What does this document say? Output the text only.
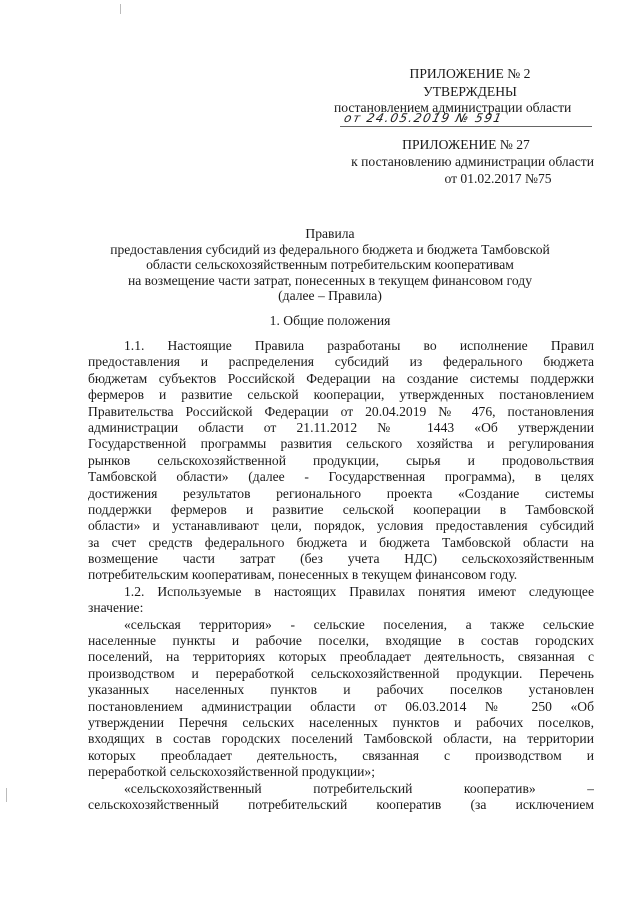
ПРИЛОЖЕНИЕ № 2
УТВЕРЖДЕНЫ
постановлением администрации области
от 24.05.2019 № 591
ПРИЛОЖЕНИЕ № 27
к постановлению администрации области
от 01.02.2017 №75
Правила
предоставления субсидий из федерального бюджета и бюджета Тамбовской
области сельскохозяйственным потребительским кооперативам
на возмещение части затрат, понесенных в текущем финансовом году
(далее – Правила)
1. Общие положения
1.1. Настоящие Правила разработаны во исполнение Правил
предоставления и распределения субсидий из федерального бюджета
бюджетам субъектов Российской Федерации на создание системы поддержки
фермеров и развитие сельской кооперации, утвержденных постановлением
Правительства Российской Федерации от 20.04.2019 № 476, постановления
администрации области от 21.11.2012 № 1443 «Об утверждении
Государственной программы развития сельского хозяйства и регулирования
рынков сельскохозяйственной продукции, сырья и продовольствия
Тамбовской области» (далее - Государственная программа), в целях
достижения результатов регионального проекта «Создание системы
поддержки фермеров и развитие сельской кооперации в Тамбовской
области» и устанавливают цели, порядок, условия предоставления субсидий
за счет средств федерального бюджета и бюджета Тамбовской области на
возмещение части затрат (без учета НДС) сельскохозяйственным
потребительским кооперативам, понесенных в текущем финансовом году.
1.2. Используемые в настоящих Правилах понятия имеют следующее
значение:
«сельская территория» - сельские поселения, а также сельские
населенные пункты и рабочие поселки, входящие в состав городских
поселений, на территориях которых преобладает деятельность, связанная с
производством и переработкой сельскохозяйственной продукции. Перечень
указанных населенных пунктов и рабочих поселков установлен
постановлением администрации области от 06.03.2014 № 250 «Об
утверждении Перечня сельских населенных пунктов и рабочих поселков,
входящих в состав городских поселений Тамбовской области, на территории
которых преобладает деятельность, связанная с производством и
переработкой сельскохозяйственной продукции»;
«сельскохозяйственный потребительский кооператив» –
сельскохозяйственный потребительский кооператив (за исключением
